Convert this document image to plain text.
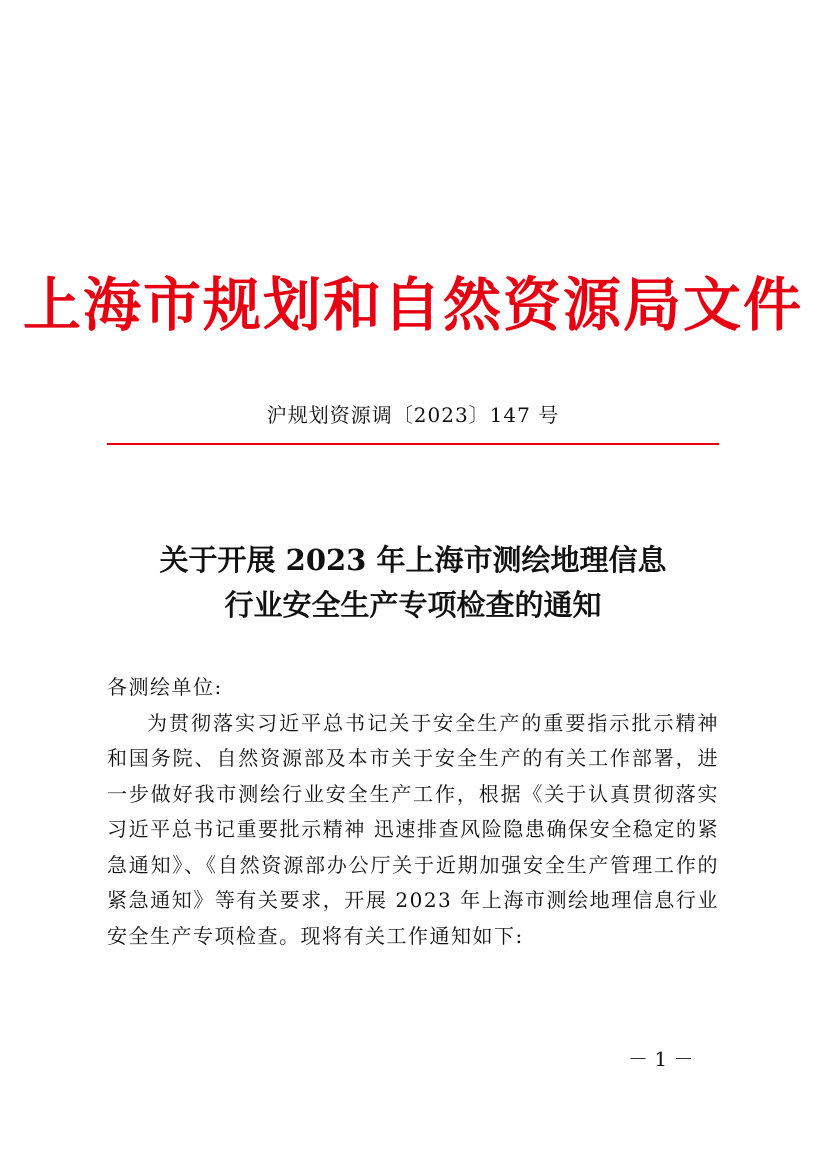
上海市规划和自然资源局文件
沪规划资源调〔2023〕147 号
关于开展 2023 年上海市测绘地理信息
行业安全生产专项检查的通知

各测绘单位:

为贯彻落实习近平总书记关于安全生产的重要指示批示精神和国务院、自然资源部及本市关于安全生产的有关工作部署，进一步做好我市测绘行业安全生产工作，根据《关于认真贯彻落实习近平总书记重要批示精神 迅速排查风险隐患确保安全稳定的紧急通知》、《自然资源部办公厅关于近期加强安全生产管理工作的紧急通知》等有关要求，开展 2023 年上海市测绘地理信息行业安全生产专项检查。现将有关工作通知如下:

－ 1 －
